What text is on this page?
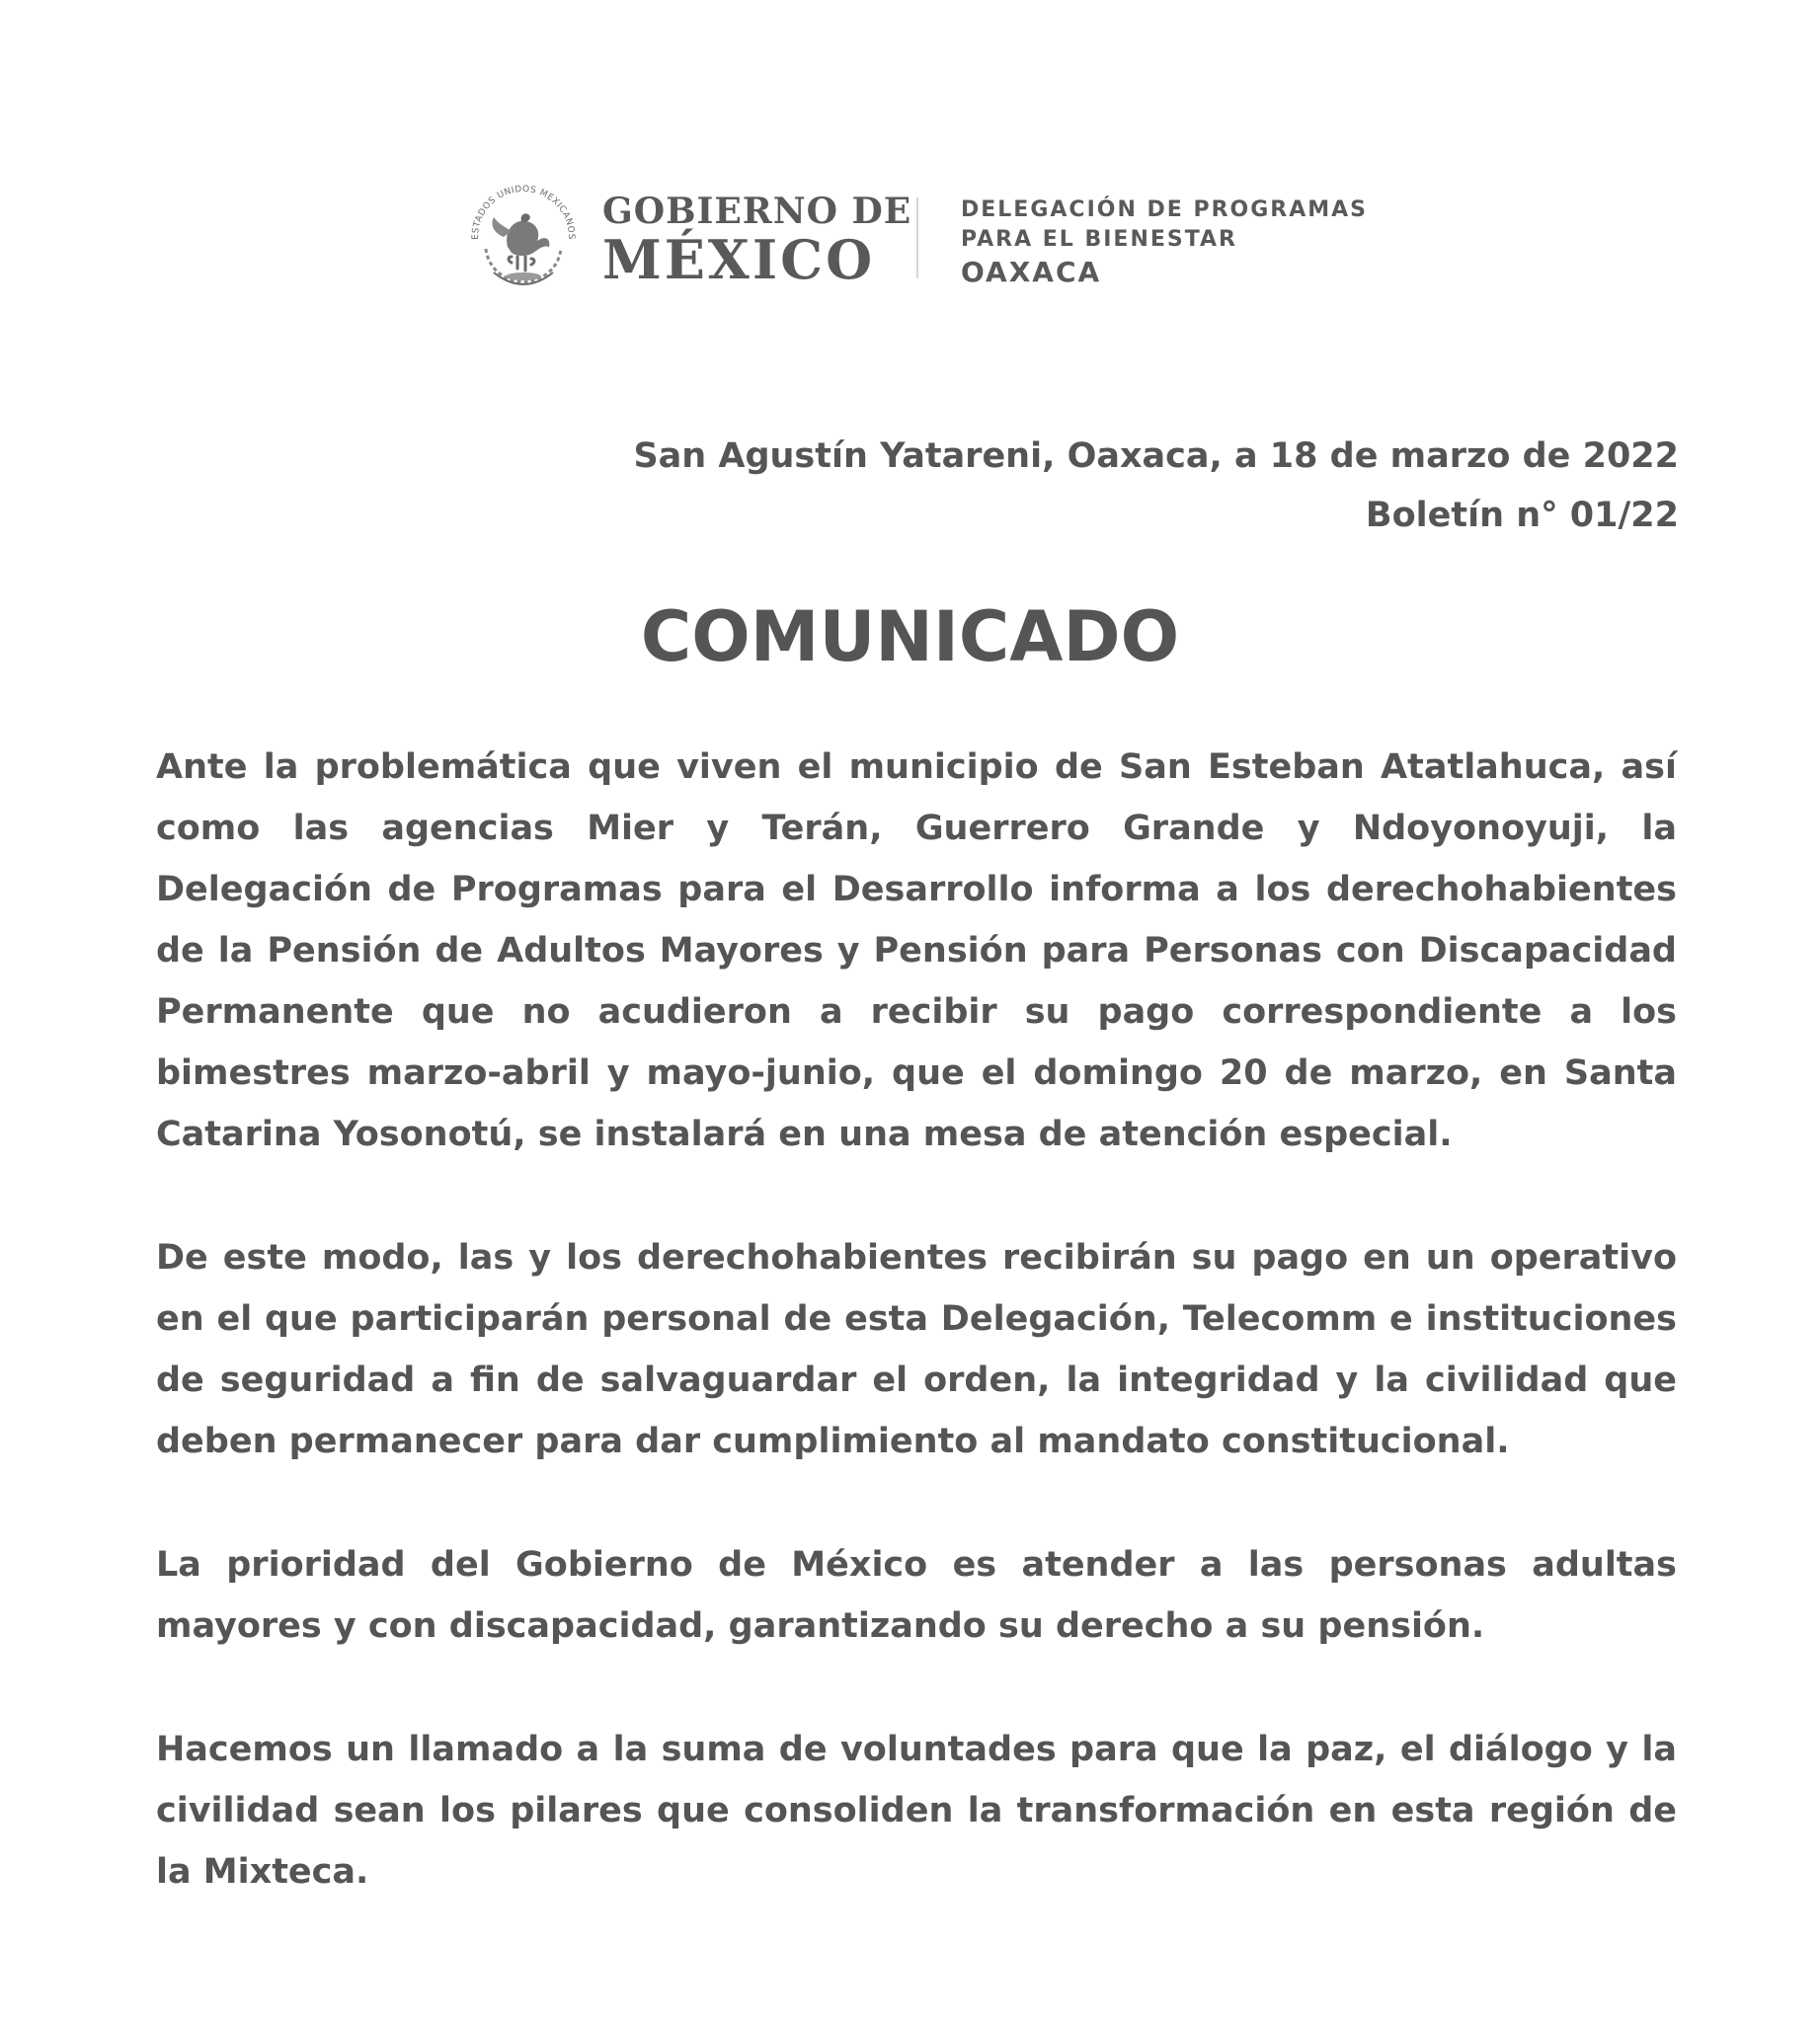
ESTADOS UNIDOS MEXICANOS
GOBIERNO DE
MÉXICO
DELEGACIÓN DE PROGRAMAS
PARA EL BIENESTAR
OAXACA
San Agustín Yatareni, Oaxaca, a 18 de marzo de 2022
Boletín n° 01/22
COMUNICADO

Ante la problemática que viven el municipio de San Esteban Atatlahuca, así como las agencias Mier y Terán, Guerrero Grande y Ndoyonoyuji, la Delegación de Programas para el Desarrollo informa a los derechohabientes de la Pensión de Adultos Mayores y Pensión para Personas con Discapacidad Permanente que no acudieron a recibir su pago correspondiente a los bimestres marzo-abril y mayo-junio, que el domingo 20 de marzo, en Santa Catarina Yosonotú, se instalará en una mesa de atención especial.

De este modo, las y los derechohabientes recibirán su pago en un operativo en el que participarán personal de esta Delegación, Telecomm e instituciones de seguridad a fin de salvaguardar el orden, la integridad y la civilidad que deben permanecer para dar cumplimiento al mandato constitucional.

La prioridad del Gobierno de México es atender a las personas adultas mayores y con discapacidad, garantizando su derecho a su pensión.

Hacemos un llamado a la suma de voluntades para que la paz, el diálogo y la civilidad sean los pilares que consoliden la transformación en esta región de la Mixteca.
